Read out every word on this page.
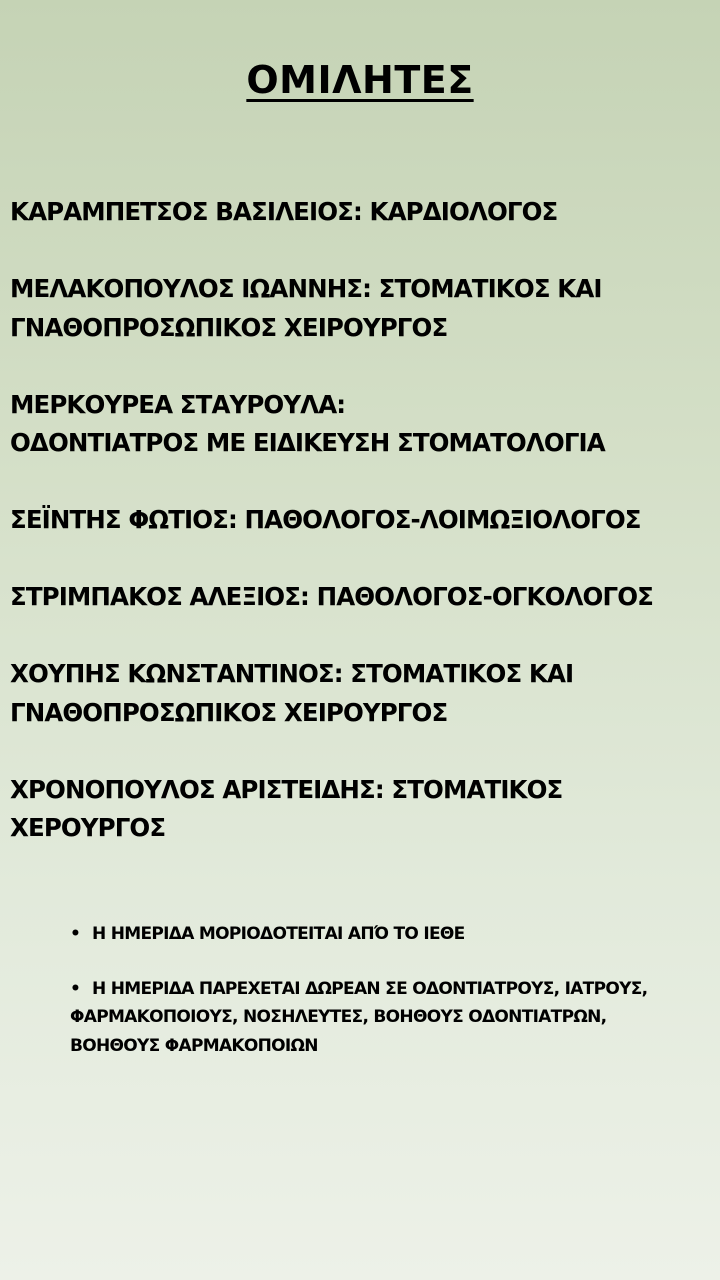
ΟΜΙΛΗΤΕΣ
ΚΑΡΑΜΠΕΤΣΟΣ ΒΑΣΙΛΕΙΟΣ: ΚΑΡΔΙΟΛΟΓΟΣ
ΜΕΛΑΚΟΠΟΥΛΟΣ ΙΩΑΝΝΗΣ: ΣΤΟΜΑΤΙΚΟΣ ΚΑΙ
ΓΝΑΘΟΠΡΟΣΩΠΙΚΟΣ ΧΕΙΡΟΥΡΓΟΣ
ΜΕΡΚΟΥΡΕΑ ΣΤΑΥΡΟΥΛΑ:
ΟΔΟΝΤΙΑΤΡΟΣ ΜΕ ΕΙΔΙΚΕΥΣΗ ΣΤΟΜΑΤΟΛΟΓΙΑ
ΣΕΪΝΤΗΣ ΦΩΤΙΟΣ: ΠΑΘΟΛΟΓΟΣ-ΛΟΙΜΩΞΙΟΛΟΓΟΣ
ΣΤΡΙΜΠΑΚΟΣ ΑΛΕΞΙΟΣ: ΠΑΘΟΛΟΓΟΣ-ΟΓΚΟΛΟΓΟΣ
ΧΟΥΠΗΣ ΚΩΝΣΤΑΝΤΙΝΟΣ: ΣΤΟΜΑΤΙΚΟΣ ΚΑΙ
ΓΝΑΘΟΠΡΟΣΩΠΙΚΟΣ ΧΕΙΡΟΥΡΓΟΣ
ΧΡΟΝΟΠΟΥΛΟΣ ΑΡΙΣΤΕΙΔΗΣ: ΣΤΟΜΑΤΙΚΟΣ
ΧΕΡΟΥΡΓΟΣ
• Η ΗΜΕΡΙΔΑ ΜΟΡΙΟΔΟΤΕΙΤΑΙ ΑΠΌ ΤΟ ΙΕΘΕ
• Η ΗΜΕΡΙΔΑ ΠΑΡΕΧΕΤΑΙ ΔΩΡΕΑΝ ΣΕ ΟΔΟΝΤΙΑΤΡΟΥΣ, ΙΑΤΡΟΥΣ, ΦΑΡΜΑΚΟΠΟΙΟΥΣ, ΝΟΣΗΛΕΥΤΕΣ, ΒΟΗΘΟΥΣ ΟΔΟΝΤΙΑΤΡΩΝ, ΒΟΗΘΟΥΣ ΦΑΡΜΑΚΟΠΟΙΩΝ
